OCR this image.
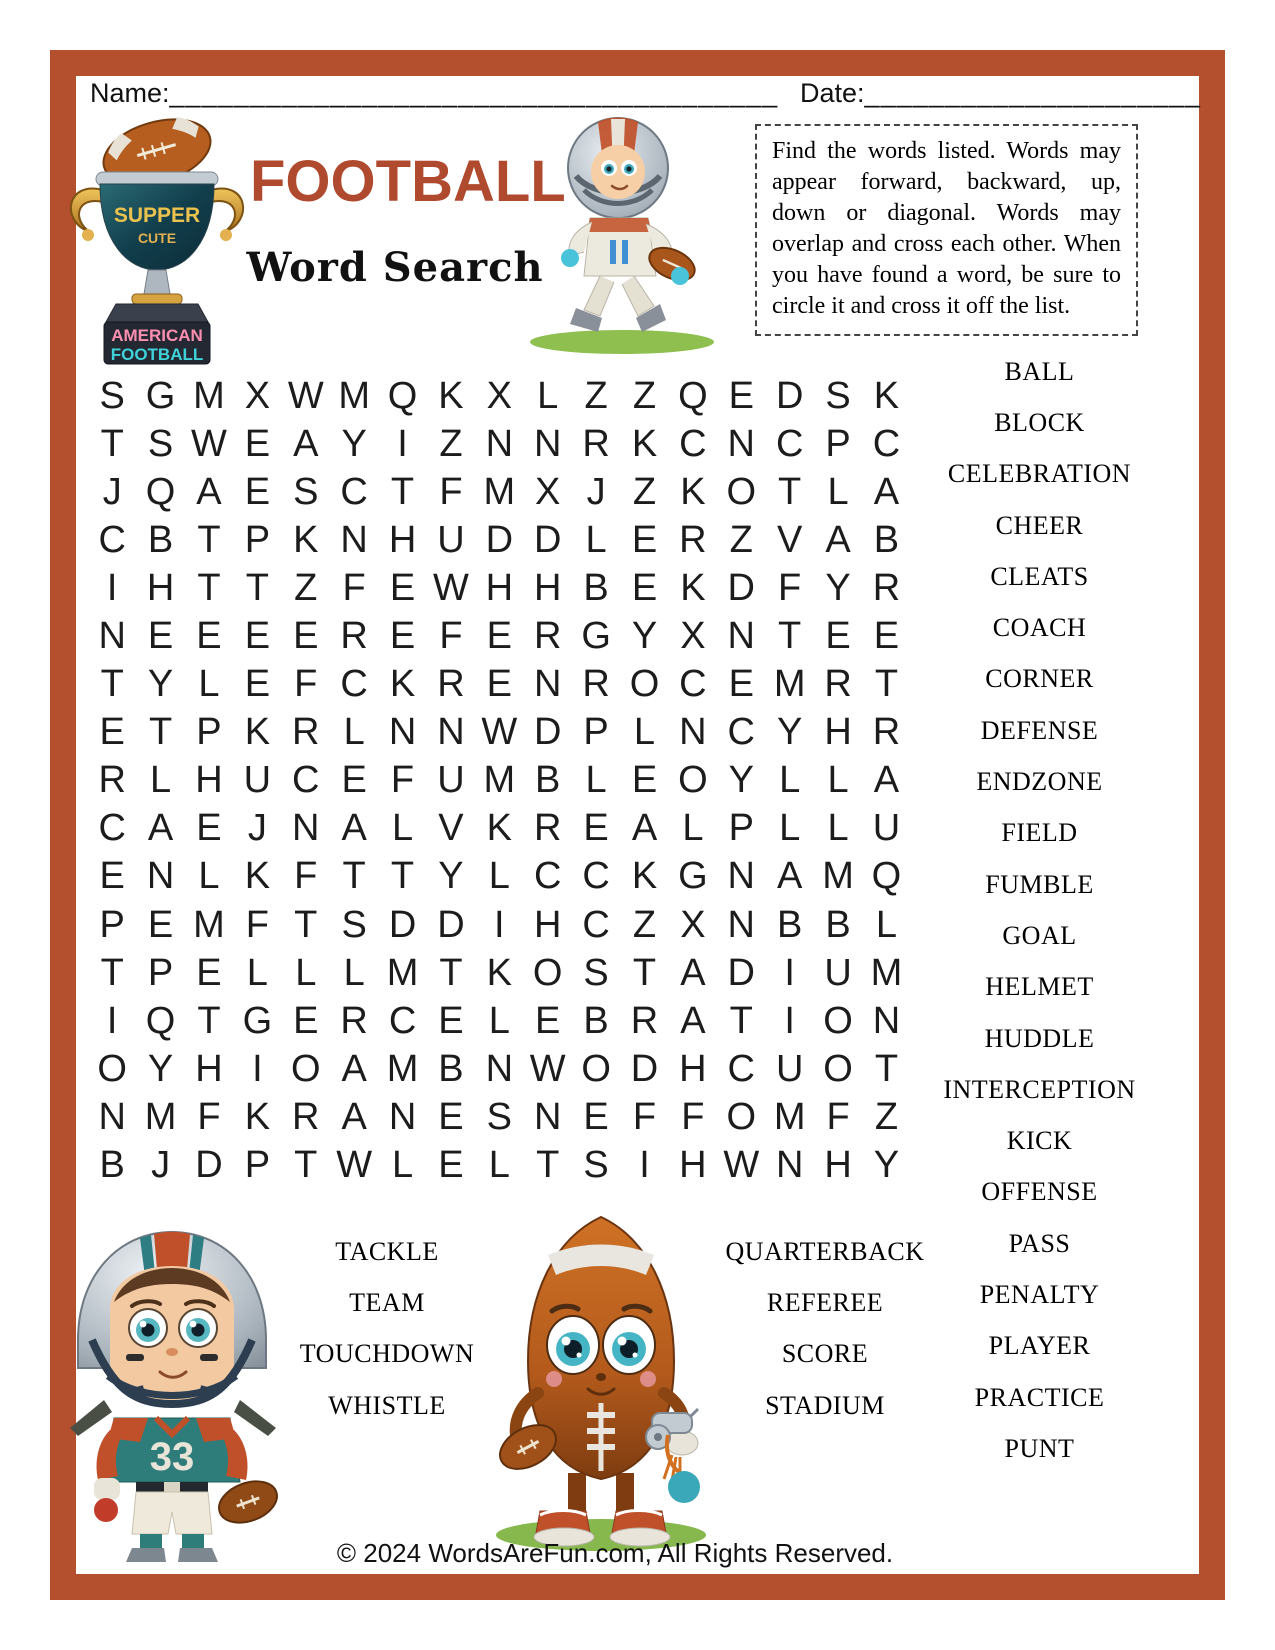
Name:______________________________________ Date:_____________________
SUPPER
CUTE
AMERICAN
FOOTBALL
FOOTBALL
Word Search
Find the words listed. Words may appear forward, backward, up, down or diagonal. Words may overlap and cross each other. When you have found a word, be sure to circle it and cross it off the list.
S G M X W M Q K X L Z Z Q E D S K
T S W E A Y I Z N N R K C N C P C
J Q A E S C T F M X J Z K O T L A
C B T P K N H U D D L E R Z V A B
I H T T Z F E W H H B E K D F Y R
N E E E E R E F E R G Y X N T E E
T Y L E F C K R E N R O C E M R T
E T P K R L N N W D P L N C Y H R
R L H U C E F U M B L E O Y L L A
C A E J N A L V K R E A L P L L U
E N L K F T T Y L C C K G N A M Q
P E M F T S D D I H C Z X N B B L
T P E L L L M T K O S T A D I U M
I Q T G E R C E L E B R A T I O N
O Y H I O A M B N W O D H C U O T
N M F K R A N E S N E F F O M F Z
B J D P T W L E L T S I H W N H Y
BALL
BLOCK
CELEBRATION
CHEER
CLEATS
COACH
CORNER
DEFENSE
ENDZONE
FIELD
FUMBLE
GOAL
HELMET
HUDDLE
INTERCEPTION
KICK
OFFENSE
PASS
PENALTY
PLAYER
PRACTICE
PUNT
33
TACKLE
TEAM
TOUCHDOWN
WHISTLE
QUARTERBACK
REFEREE
SCORE
STADIUM
© 2024 WordsAreFun.com, All Rights Reserved.
